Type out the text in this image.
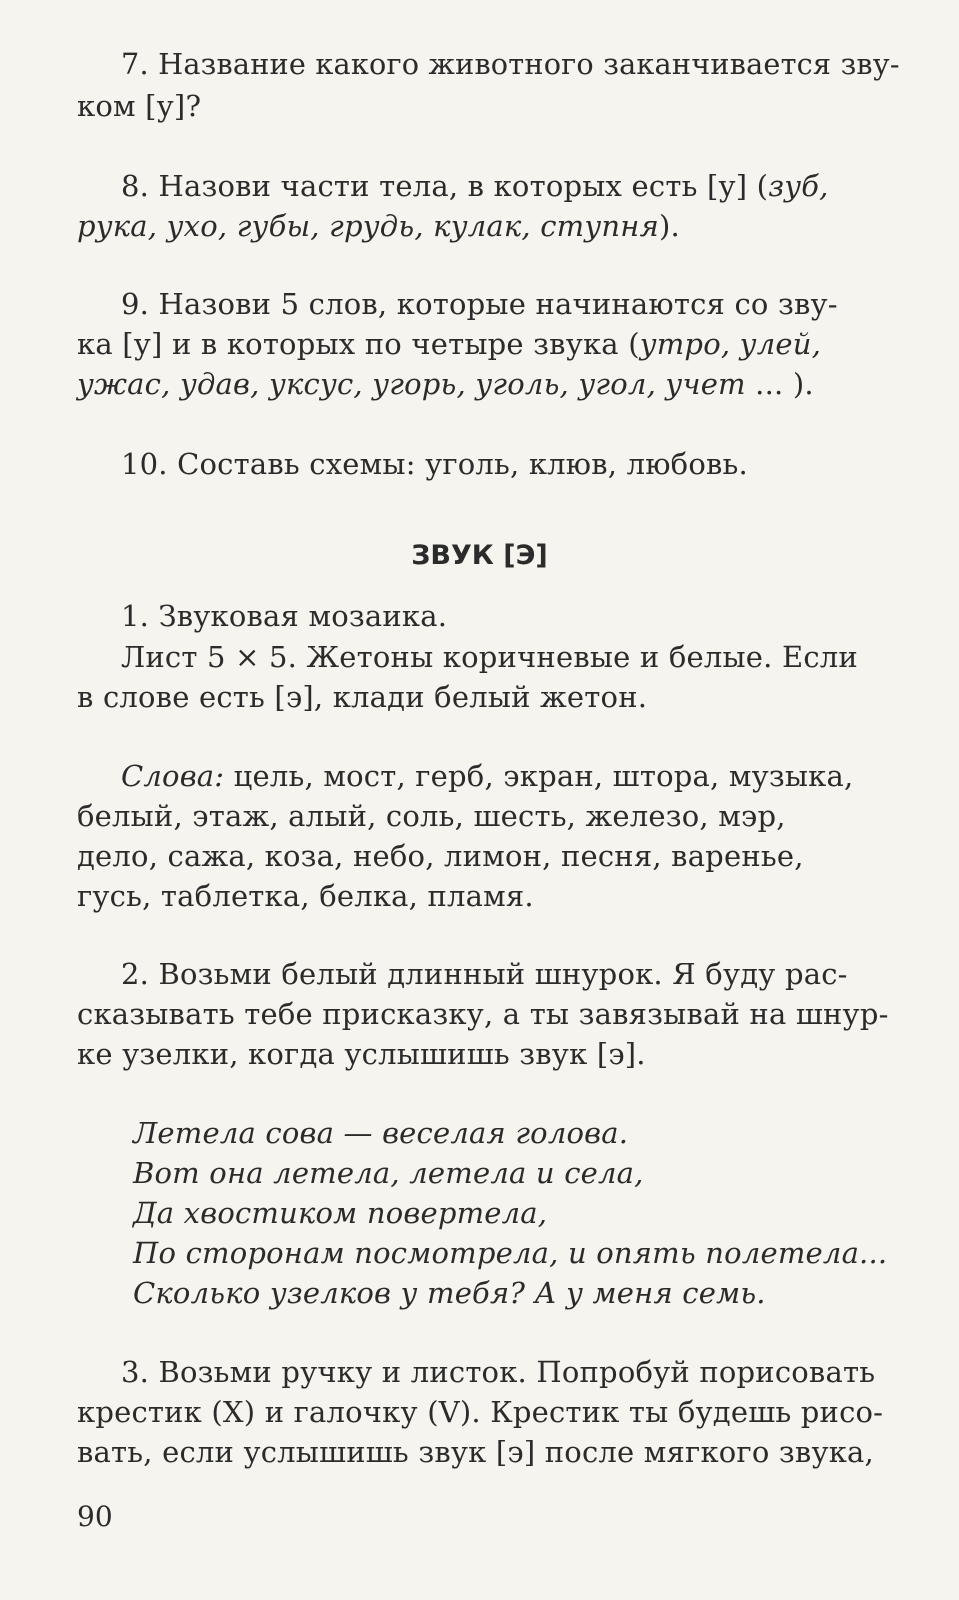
7. Название какого животного заканчивается зву-
ком [у]?
8. Назови части тела, в которых есть [у] (зуб,
рука, ухо, губы, грудь, кулак, ступня).
9. Назови 5 слов, которые начинаются со зву-
ка [у] и в которых по четыре звука (утро, улей,
ужас, удав, уксус, угорь, уголь, угол, учет ... ).
10. Составь схемы: уголь, клюв, любовь.
ЗВУК [Э]
1. Звуковая мозаика.
Лист 5 × 5. Жетоны коричневые и белые. Если
в слове есть [э], клади белый жетон.
Слова: цель, мост, герб, экран, штора, музыка,
белый, этаж, алый, соль, шесть, железо, мэр,
дело, сажа, коза, небо, лимон, песня, варенье,
гусь, таблетка, белка, пламя.
2. Возьми белый длинный шнурок. Я буду рас-
сказывать тебе присказку, а ты завязывай на шнур-
ке узелки, когда услышишь звук [э].
Летела сова — веселая голова.
Вот она летела, летела и села,
Да хвостиком повертела,
По сторонам посмотрела, и опять полетела...
Сколько узелков у тебя? А у меня семь.
3. Возьми ручку и листок. Попробуй порисовать
крестик (Х) и галочку (V). Крестик ты будешь рисо-
вать, если услышишь звук [э] после мягкого звука,
90
